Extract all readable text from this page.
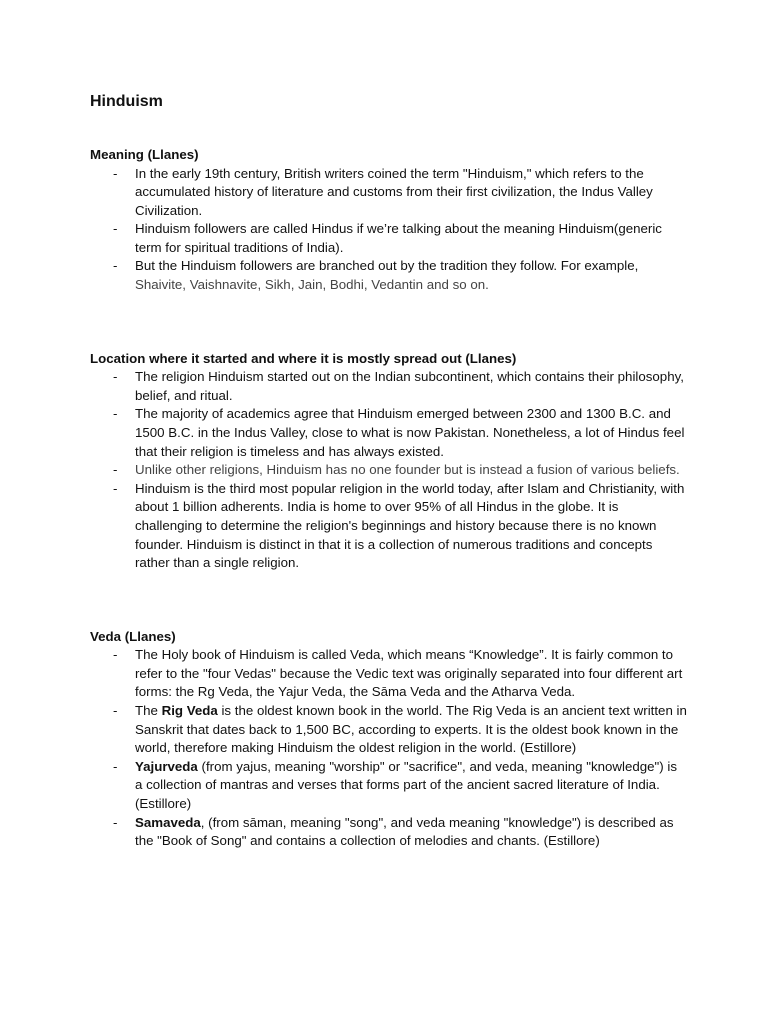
Hinduism

Meaning (Llanes)

- In the early 19th century, British writers coined the term "Hinduism," which refers to the accumulated history of literature and customs from their first civilization, the Indus Valley Civilization.
- Hinduism followers are called Hindus if we’re talking about the meaning Hinduism(generic term for spiritual traditions of India).
- But the Hinduism followers are branched out by the tradition they follow. For example, Shaivite, Vaishnavite, Sikh, Jain, Bodhi, Vedantin and so on.

Location where it started and where it is mostly spread out (Llanes)

- The religion Hinduism started out on the Indian subcontinent, which contains their philosophy, belief, and ritual.
- The majority of academics agree that Hinduism emerged between 2300 and 1300 B.C. and 1500 B.C. in the Indus Valley, close to what is now Pakistan. Nonetheless, a lot of Hindus feel that their religion is timeless and has always existed.
- Unlike other religions, Hinduism has no one founder but is instead a fusion of various beliefs.
- Hinduism is the third most popular religion in the world today, after Islam and Christianity, with about 1 billion adherents. India is home to over 95% of all Hindus in the globe. It is challenging to determine the religion's beginnings and history because there is no known founder. Hinduism is distinct in that it is a collection of numerous traditions and concepts rather than a single religion.

Veda (Llanes)

- The Holy book of Hinduism is called Veda, which means “Knowledge”. It is fairly common to refer to the "four Vedas" because the Vedic text was originally separated into four different art forms: the Rg Veda, the Yajur Veda, the Sāma Veda and the Atharva Veda.
- The Rig Veda is the oldest known book in the world. The Rig Veda is an ancient text written in Sanskrit that dates back to 1,500 BC, according to experts. It is the oldest book known in the world, therefore making Hinduism the oldest religion in the world. (Estillore)
- Yajurveda (from yajus, meaning "worship" or "sacrifice", and veda, meaning "knowledge") is a collection of mantras and verses that forms part of the ancient sacred literature of India. (Estillore)
- Samaveda, (from sāman, meaning "song", and veda meaning "knowledge") is described as the "Book of Song" and contains a collection of melodies and chants. (Estillore)
